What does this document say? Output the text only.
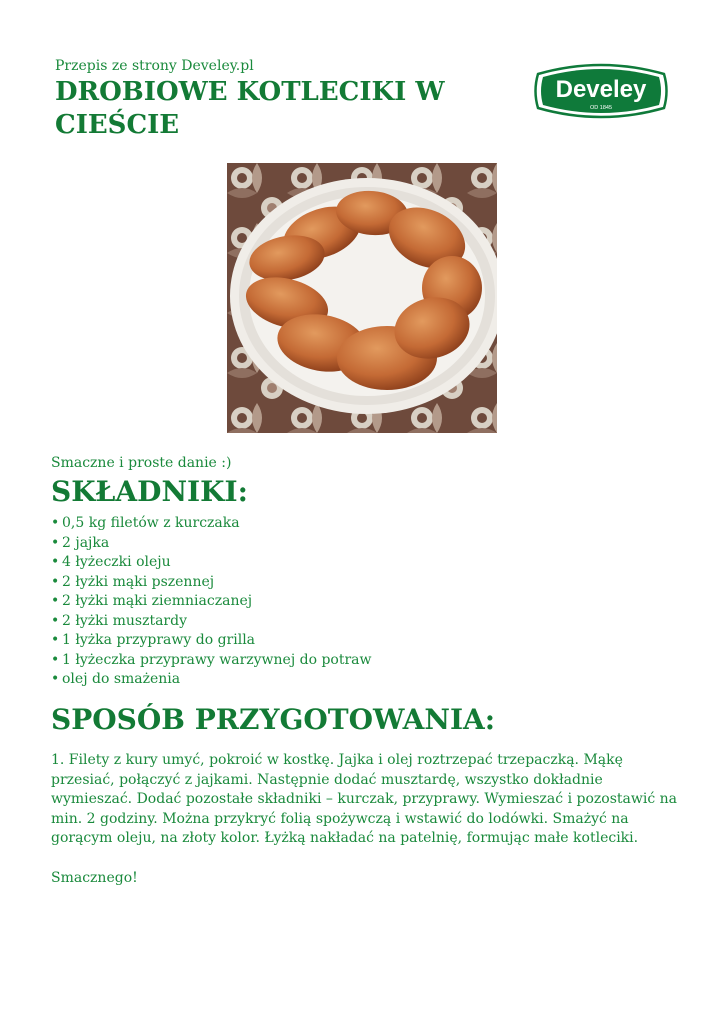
Przepis ze strony Develey.pl
DROBIOWE KOTLECIKI W CIEŚCIE
Develey
OD 1845
Smaczne i proste danie :)
SKŁADNIKI:
• 0,5 kg filetów z kurczaka
• 2 jajka
• 4 łyżeczki oleju
• 2 łyżki mąki pszennej
• 2 łyżki mąki ziemniaczanej
• 2 łyżki musztardy
• 1 łyżka przyprawy do grilla
• 1 łyżeczka przyprawy warzywnej do potraw
• olej do smażenia
SPOSÓB PRZYGOTOWANIA:

1. Filety z kury umyć, pokroić w kostkę. Jajka i olej roztrzepać trzepaczką. Mąkę przesiać, połączyć z jajkami. Następnie dodać musztardę, wszystko dokładnie wymieszać. Dodać pozostałe składniki – kurczak, przyprawy. Wymieszać i pozostawić na min. 2 godziny. Można przykryć folią spożywczą i wstawić do lodówki. Smażyć na gorącym oleju, na złoty kolor. Łyżką nakładać na patelnię, formując małe kotleciki.

Smacznego!
